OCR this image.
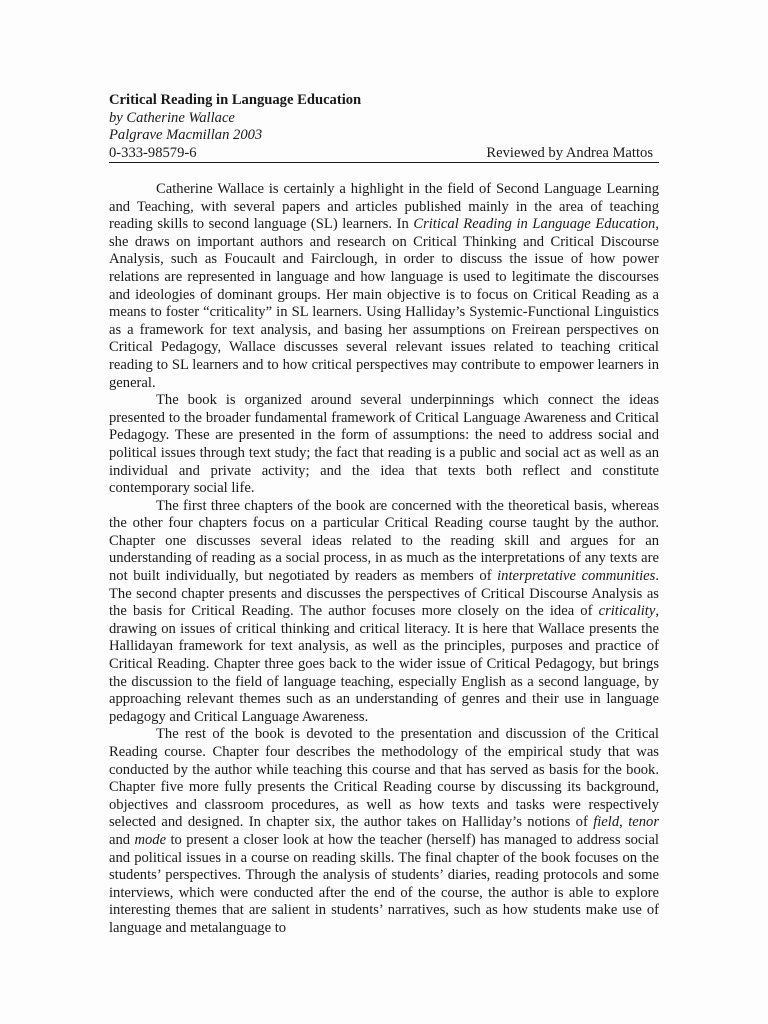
Critical Reading in Language Education
by Catherine Wallace
Palgrave Macmillan 2003
0-333-98579-6	Reviewed by Andrea Mattos

Catherine Wallace is certainly a highlight in the field of Second Language Learning and Teaching, with several papers and articles published mainly in the area of teaching reading skills to second language (SL) learners. In Critical Reading in Language Education, she draws on important authors and research on Critical Thinking and Critical Discourse Analysis, such as Foucault and Fairclough, in order to discuss the issue of how power relations are represented in language and how language is used to legitimate the discourses and ideologies of dominant groups. Her main objective is to focus on Critical Reading as a means to foster “criticality” in SL learners. Using Halliday’s Systemic-Functional Linguistics as a framework for text analysis, and basing her assumptions on Freirean perspectives on Critical Pedagogy, Wallace discusses several relevant issues related to teaching critical reading to SL learners and to how critical perspectives may contribute to empower learners in general.

The book is organized around several underpinnings which connect the ideas presented to the broader fundamental framework of Critical Language Awareness and Critical Pedagogy. These are presented in the form of assumptions: the need to address social and political issues through text study; the fact that reading is a public and social act as well as an individual and private activity; and the idea that texts both reflect and constitute contemporary social life.

The first three chapters of the book are concerned with the theoretical basis, whereas the other four chapters focus on a particular Critical Reading course taught by the author. Chapter one discusses several ideas related to the reading skill and argues for an understanding of reading as a social process, in as much as the interpretations of any texts are not built individually, but negotiated by readers as members of interpretative communities. The second chapter presents and discusses the perspectives of Critical Discourse Analysis as the basis for Critical Reading. The author focuses more closely on the idea of criticality, drawing on issues of critical thinking and critical literacy. It is here that Wallace presents the Hallidayan framework for text analysis, as well as the principles, purposes and practice of Critical Reading. Chapter three goes back to the wider issue of Critical Pedagogy, but brings the discussion to the field of language teaching, especially English as a second language, by approaching relevant themes such as an understanding of genres and their use in language pedagogy and Critical Language Awareness.

The rest of the book is devoted to the presentation and discussion of the Critical Reading course. Chapter four describes the methodology of the empirical study that was conducted by the author while teaching this course and that has served as basis for the book. Chapter five more fully presents the Critical Reading course by discussing its background, objectives and classroom procedures, as well as how texts and tasks were respectively selected and designed. In chapter six, the author takes on Halliday’s notions of field, tenor and mode to present a closer look at how the teacher (herself) has managed to address social and political issues in a course on reading skills. The final chapter of the book focuses on the students’ perspectives. Through the analysis of students’ diaries, reading protocols and some interviews, which were conducted after the end of the course, the author is able to explore interesting themes that are salient in students’ narratives, such as how students make use of language and metalanguage to
